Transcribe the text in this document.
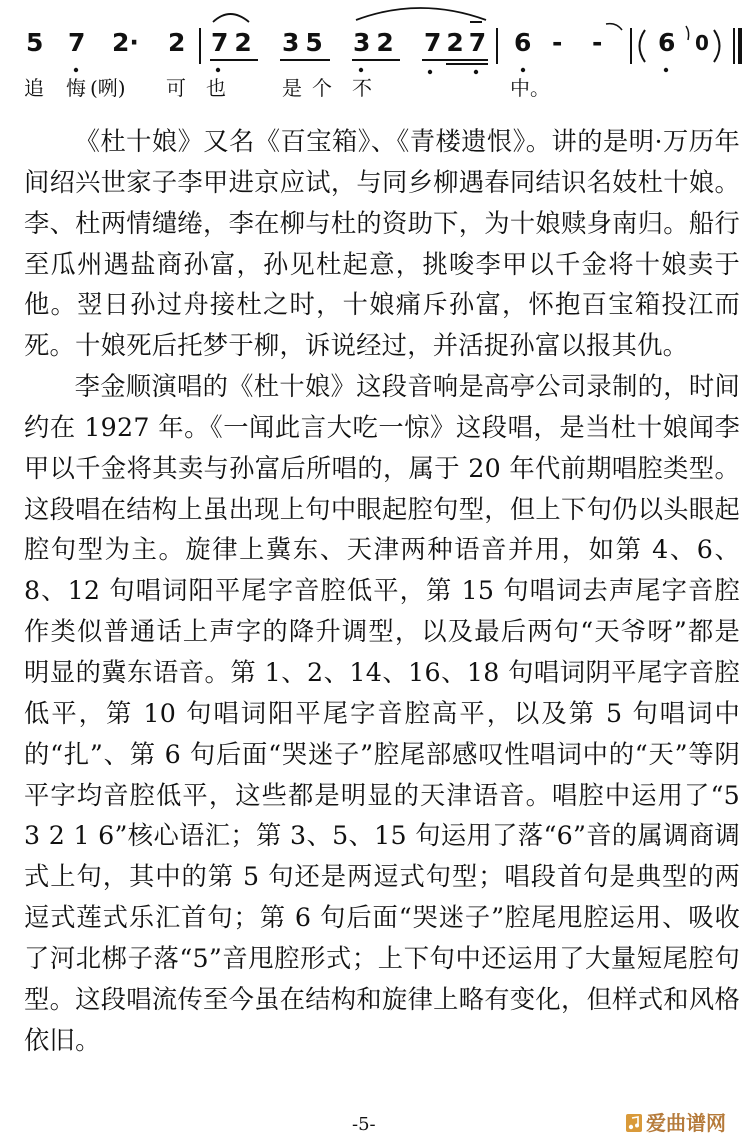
5 7 2· 2 72 35 32 727 6 - - 6 0
追 悔 (咧) 可 也	是 个 不	中。

《杜十娘》又名《百宝箱》、《青楼遗恨》。讲的是明·万历年间绍兴世家子李甲进京应试，与同乡柳遇春同结识名妓杜十娘。李、杜两情缱绻，李在柳与杜的资助下，为十娘赎身南归。船行至瓜州遇盐商孙富，孙见杜起意，挑唆李甲以千金将十娘卖于他。翌日孙过舟接杜之时，十娘痛斥孙富，怀抱百宝箱投江而死。十娘死后托梦于柳，诉说经过，并活捉孙富以报其仇。

李金顺演唱的《杜十娘》这段音响是高亭公司录制的，时间约在 1927 年。《一闻此言大吃一惊》这段唱，是当杜十娘闻李甲以千金将其卖与孙富后所唱的，属于 20 年代前期唱腔类型。这段唱在结构上虽出现上句中眼起腔句型，但上下句仍以头眼起腔句型为主。旋律上冀东、天津两种语音并用，如第 4、6、8、12 句唱词阳平尾字音腔低平，第 15 句唱词去声尾字音腔作类似普通话上声字的降升调型，以及最后两句“天爷呀”都是明显的冀东语音。第 1、2、14、16、18 句唱词阴平尾字音腔低平，第 10 句唱词阳平尾字音腔高平，以及第 5 句唱词中的“扎”、第 6 句后面“哭迷子”腔尾部感叹性唱词中的“天”等阴平字均音腔低平，这些都是明显的天津语音。唱腔中运用了“5 3 2 1 6”核心语汇；第 3、5、15 句运用了落“6”音的属调商调式上句，其中的第 5 句还是两逗式句型；唱段首句是典型的两逗式莲式乐汇首句；第 6 句后面“哭迷子”腔尾甩腔运用、吸收了河北梆子落“5”音甩腔形式；上下句中还运用了大量短尾腔句型。这段唱流传至今虽在结构和旋律上略有变化，但样式和风格依旧。

-5-	爱曲谱网
